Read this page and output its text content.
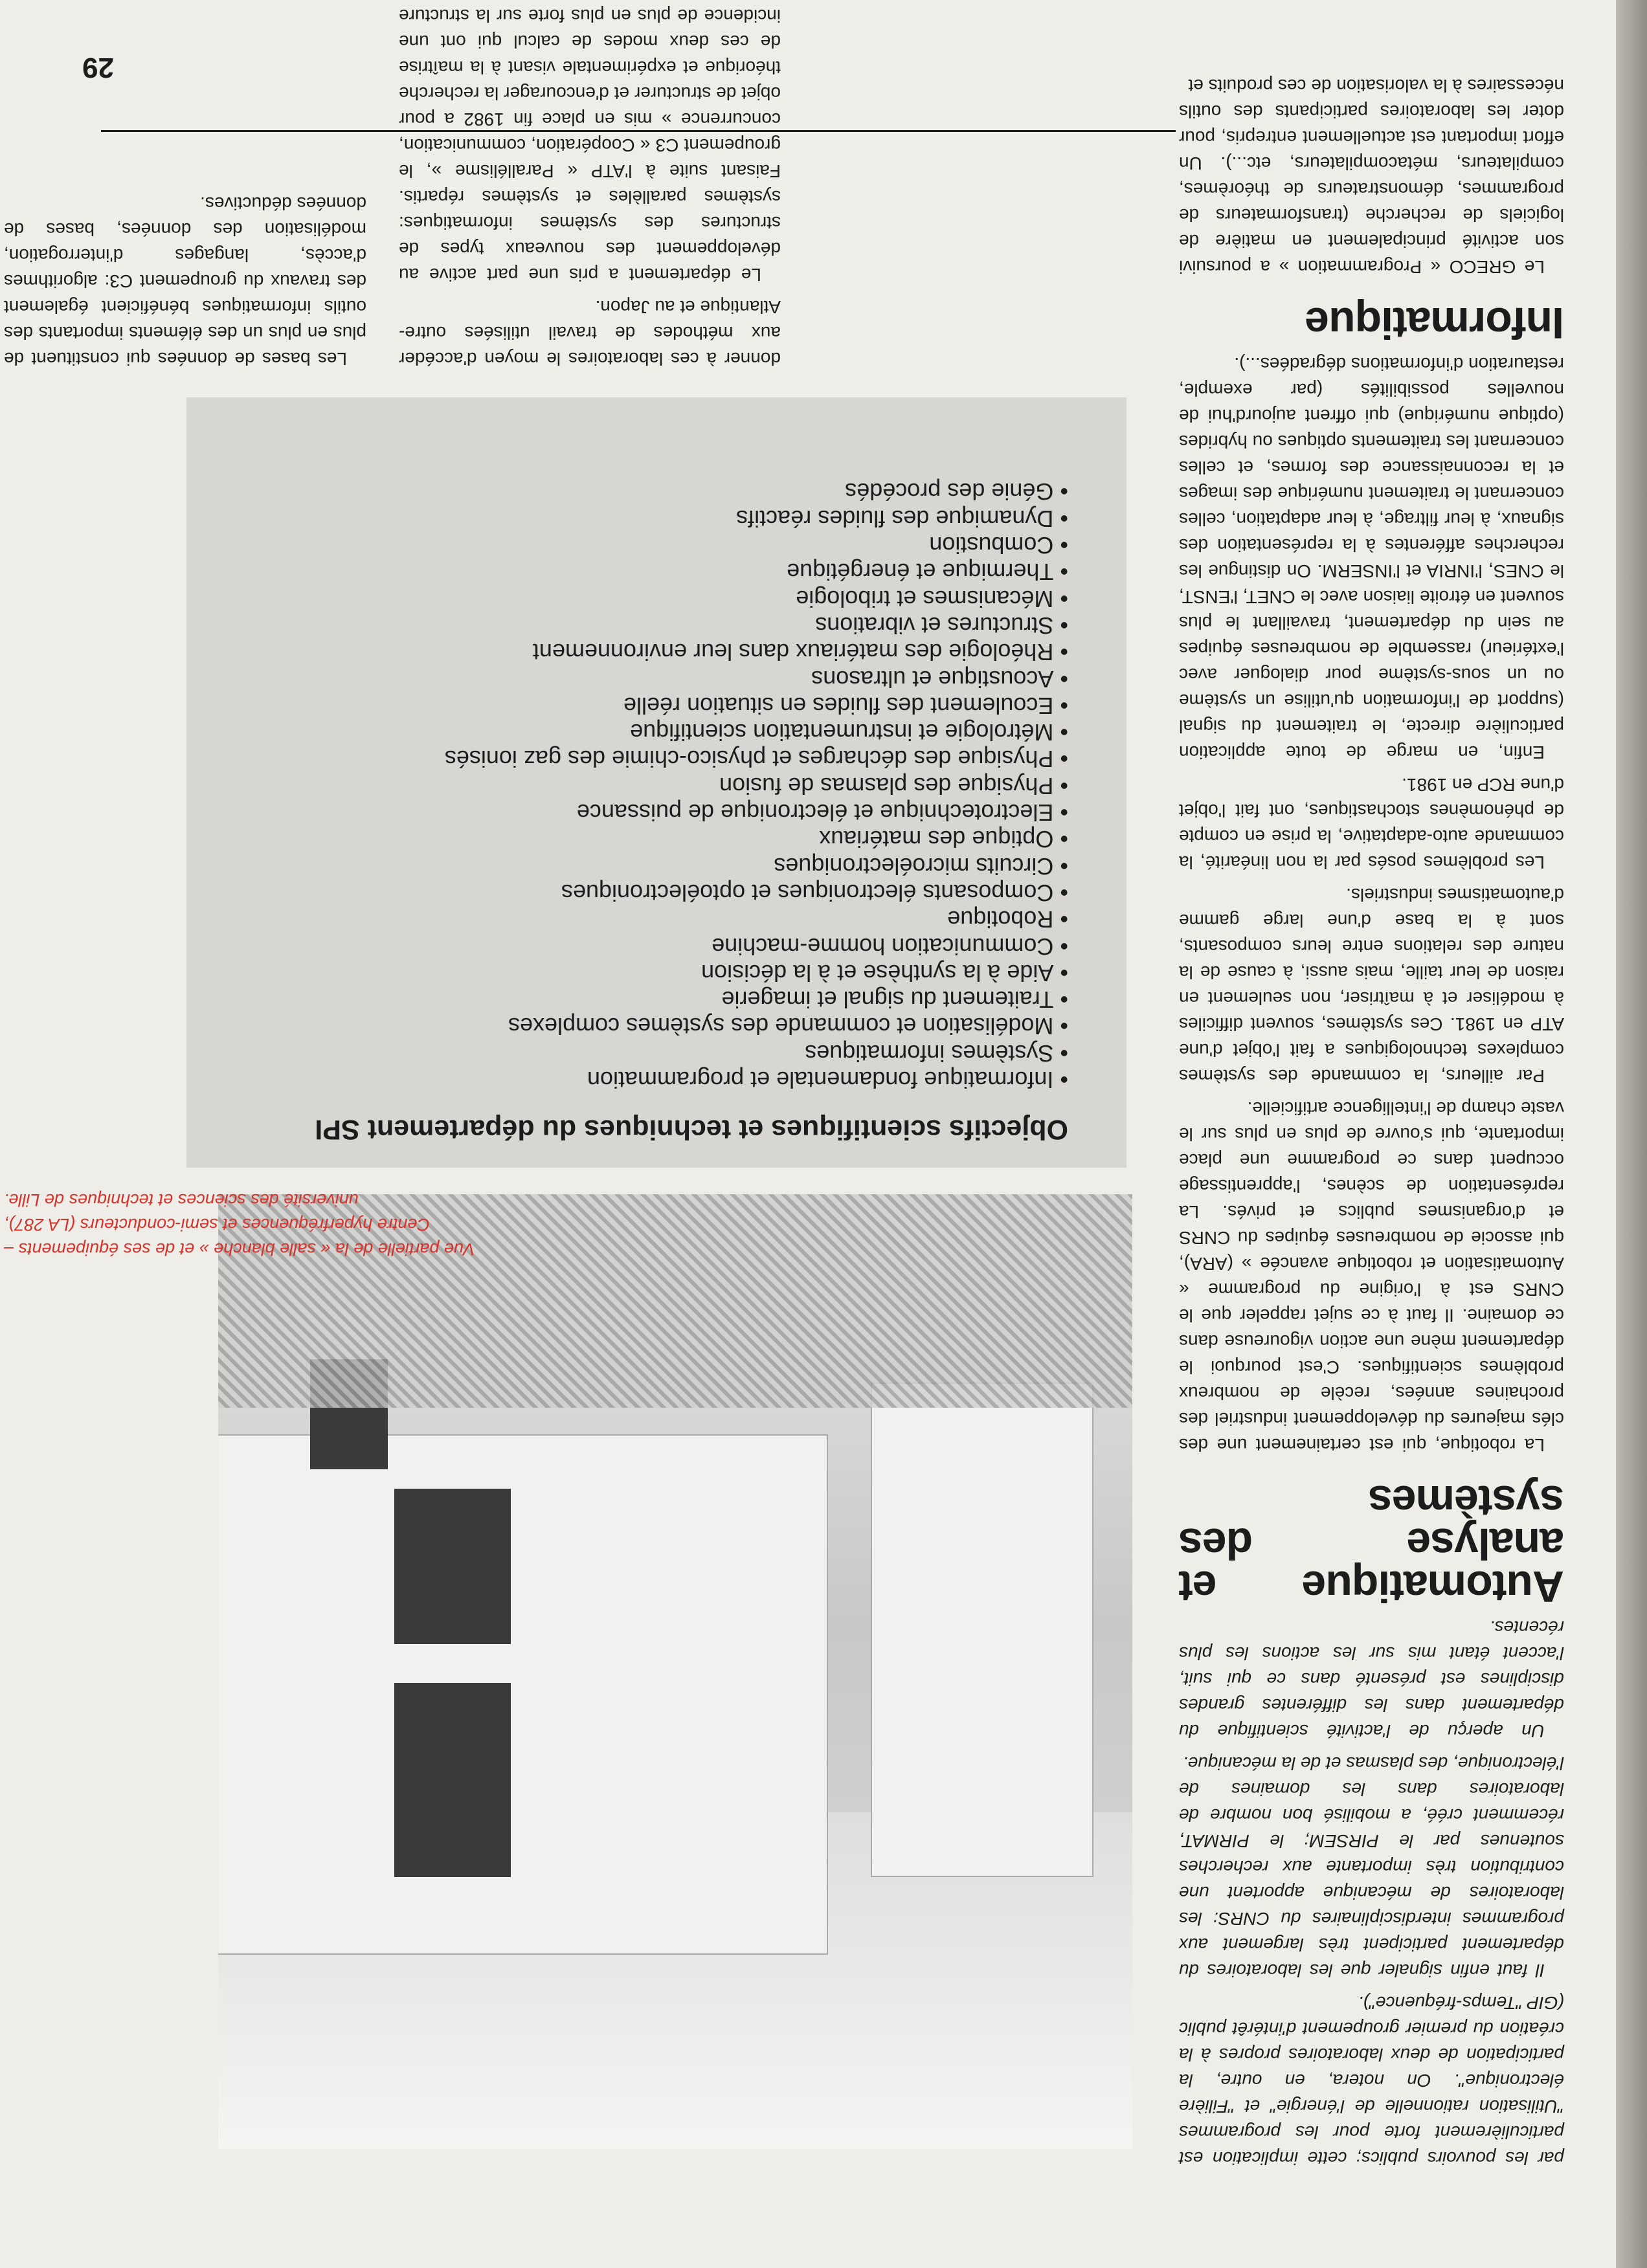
29

par les pouvoirs publics; cette implication est particulièrement forte pour les programmes "Utilisation rationnelle de l'énergie" et "Filière électronique". On notera, en outre, la participation de deux laboratoires propres à la création du premier groupement d'intérêt public (GIP "Temps-fréquence").

Il faut enfin signaler que les laboratoires du département participent très largement aux programmes interdisciplinaires du CNRS: les laboratoires de mécanique apportent une contribution très importante aux recherches soutenues par le PIRSEM; le PIRMAT, récemment créé, a mobilisé bon nombre de laboratoires dans les domaines de l'électronique, des plasmas et de la mécanique.

Un aperçu de l'activité scientifique du département dans les différentes grandes disciplines est présenté dans ce qui suit, l'accent étant mis sur les actions les plus récentes.

Automatique et analyse des systèmes

La robotique, qui est certainement une des clés majeures du développement industriel des prochaines années, recèle de nombreux problèmes scientifiques. C'est pourquoi le département mène une action vigoureuse dans ce domaine. Il faut à ce sujet rappeler que le CNRS est à l'origine du programme « Automatisation et robotique avancée » (ARA), qui associe de nombreuses équipes du CNRS et d'organismes publics et privés. La représentation de scènes, l'apprentissage occupent dans ce programme une place importante, qui s'ouvre de plus en plus sur le vaste champ de l'intelligence artificielle.

Par ailleurs, la commande des systèmes complexes technologiques a fait l'objet d'une ATP en 1981. Ces systèmes, souvent difficiles à modéliser et à maîtriser, non seulement en raison de leur taille, mais aussi, à cause de la nature des relations entre leurs composants, sont à la base d'une large gamme d'automatismes industriels.

Les problèmes posés par la non linéarité, la commande auto-adaptative, la prise en compte de phénomènes stochastiques, ont fait l'objet d'une RCP en 1981.

Enfin, en marge de toute application particulière directe, le traitement du signal (support de l'information qu'utilise un système ou un sous-système pour dialoguer avec l'extérieur) rassemble de nombreuses équipes au sein du département, travaillant le plus souvent en étroite liaison avec le CNET, l'ENST, le CNES, l'INRIA et l'INSERM. On distingue les recherches afférentes à la représentation des signaux, à leur filtrage, à leur adaptation, celles concernant le traitement numérique des images et la reconnaissance des formes, et celles concernant les traitements optiques ou hybrides (optique numérique) qui offrent aujourd'hui de nouvelles possibilités (par exemple, restauration d'informations dégradées...).

Informatique

Le GRECO « Programmation » a poursuivi son activité principalement en matière de logiciels de recherche (transformateurs de programmes, démonstrateurs de théorèmes, compilateurs, métacompilateurs, etc...). Un effort important est actuellement entrepris, pour doter les laboratoires participants des outils nécessaires à la valorisation de ces produits et

Vue partielle de la « salle blanche » et de ses équipements – Centre hyperfréquences et semi-conducteurs (LA 287), université des sciences et techniques de Lille.
Objectifs scientifiques et techniques du département SPI
• Informatique fondamentale et programmation
• Systèmes informatiques
• Modélisation et commande des systèmes complexes
• Traitement du signal et imagerie
• Aide à la synthèse et à la décision
• Communication homme-machine
• Robotique
• Composants électroniques et optoélectroniques
• Circuits microélectroniques
• Optique des matériaux
• Electrotechnique et électronique de puissance
• Physique des plasmas de fusion
• Physique des décharges et physico-chimie des gaz ionisés
• Métrologie et instrumentation scientifique
• Ecoulement des fluides en situation réelle
• Acoustique et ultrasons
• Rhéologie des matériaux dans leur environnement
• Structures et vibrations
• Mécanismes et tribologie
• Thermique et énergétique
• Combustion
• Dynamique des fluides réactifs
• Génie des procédés

donner à ces laboratoires le moyen d'accéder aux méthodes de travail utilisées outre-Atlantique et au Japon.

Le département a pris une part active au développement des nouveaux types de structures des systèmes informatiques: systèmes parallèles et systèmes répartis. Faisant suite à l'ATP « Parallélisme », le groupement C3 « Coopération, communication, concurrence » mis en place fin 1982 a pour objet de structurer et d'encourager la recherche théorique et expérimentale visant à la maîtrise de ces deux modes de calcul qui ont une incidence de plus en plus forte sur la structure

Les bases de données qui constituent de plus en plus un des éléments importants des outils informatiques bénéficient également des travaux du groupement C3: algorithmes d'accès, langages d'interrogation, modélisation des données, bases de données déductives.
